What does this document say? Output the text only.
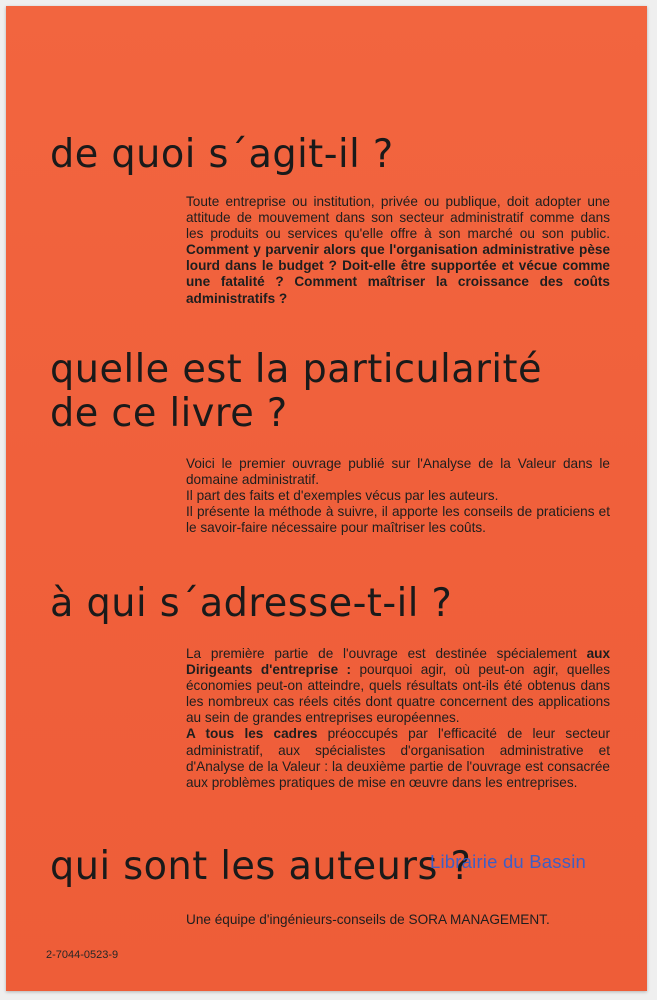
de quoi s´agit-il ?

Toute entreprise ou institution, privée ou publique, doit adopter une attitude de mouvement dans son secteur administratif comme dans les produits ou services qu'elle offre à son marché ou son public. Comment y parvenir alors que l'organisation administrative pèse lourd dans le budget ? Doit-elle être supportée et vécue comme une fatalité ? Comment maîtriser la croissance des coûts administratifs ?

quelle est la particularité
de ce livre ?

Voici le premier ouvrage publié sur l'Analyse de la Valeur dans le domaine administratif.
Il part des faits et d'exemples vécus par les auteurs.
Il présente la méthode à suivre, il apporte les conseils de praticiens et le savoir-faire nécessaire pour maîtriser les coûts.

à qui s´adresse-t-il ?

La première partie de l'ouvrage est destinée spécialement aux Dirigeants d'entreprise : pourquoi agir, où peut-on agir, quelles économies peut-on atteindre, quels résultats ont-ils été obtenus dans les nombreux cas réels cités dont quatre concernent des applications au sein de grandes entreprises européennes.
A tous les cadres préoccupés par l'efficacité de leur secteur administratif, aux spécialistes d'organisation administrative et d'Analyse de la Valeur : la deuxième partie de l'ouvrage est consacrée aux problèmes pratiques de mise en œuvre dans les entreprises.

qui sont les auteurs ?

Une équipe d'ingénieurs-conseils de SORA MANAGEMENT.

2-7044-0523-9

Librairie du Bassin
